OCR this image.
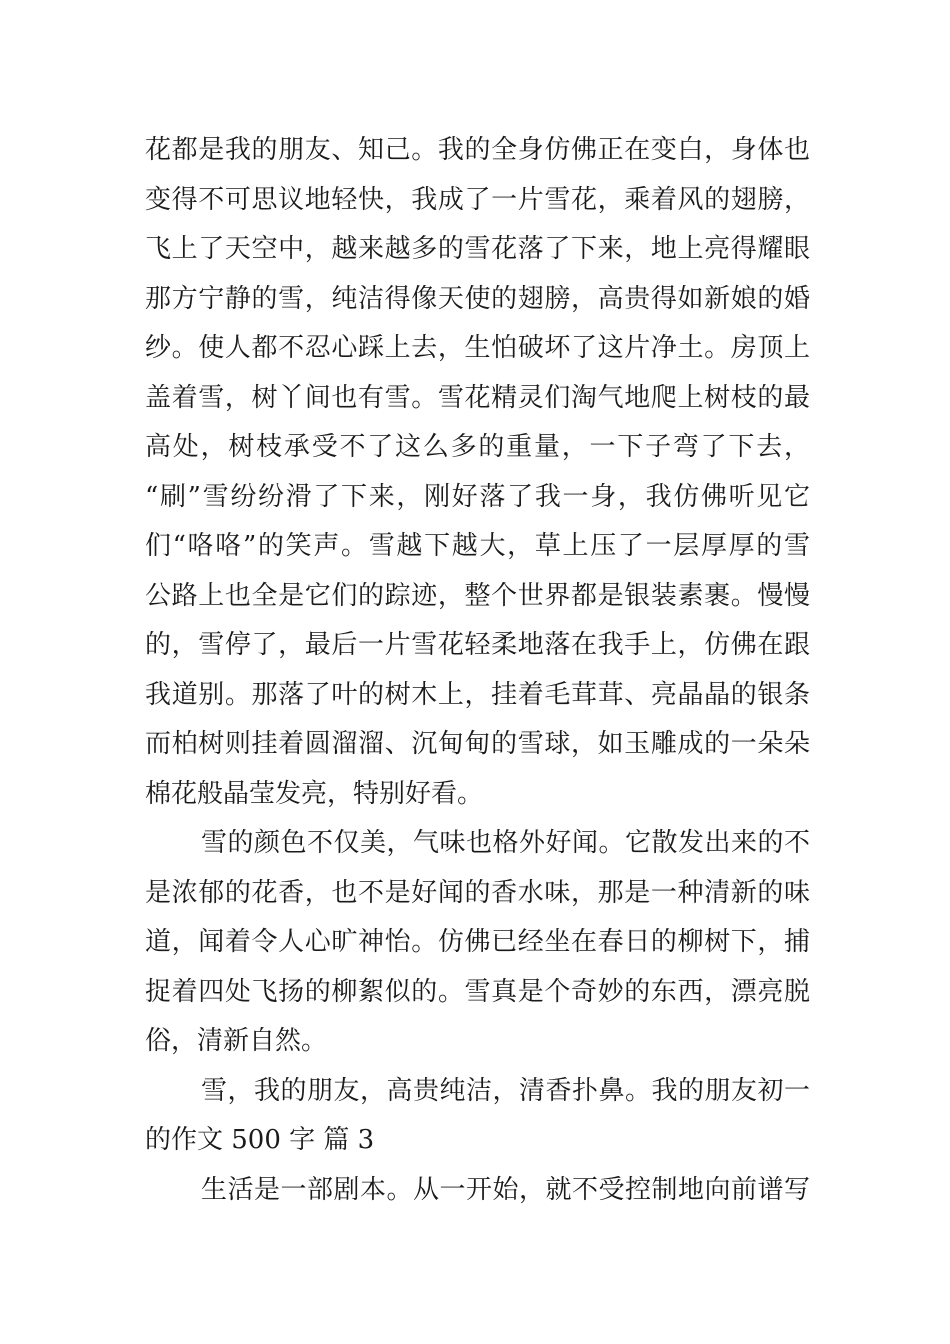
花都是我的朋友、知己。我的全身仿佛正在变白，身体也
变得不可思议地轻快，我成了一片雪花，乘着风的翅膀，
飞上了天空中，越来越多的雪花落了下来，地上亮得耀眼
那方宁静的雪，纯洁得像天使的翅膀，高贵得如新娘的婚
纱。使人都不忍心踩上去，生怕破坏了这片净土。房顶上
盖着雪，树丫间也有雪。雪花精灵们淘气地爬上树枝的最
高处，树枝承受不了这么多的重量，一下子弯了下去，
“刷”雪纷纷滑了下来，刚好落了我一身，我仿佛听见它
们“咯咯”的笑声。雪越下越大，草上压了一层厚厚的雪
公路上也全是它们的踪迹，整个世界都是银装素裹。慢慢
的，雪停了，最后一片雪花轻柔地落在我手上，仿佛在跟
我道别。那落了叶的树木上，挂着毛茸茸、亮晶晶的银条
而柏树则挂着圆溜溜、沉甸甸的雪球，如玉雕成的一朵朵
棉花般晶莹发亮，特别好看。
雪的颜色不仅美，气味也格外好闻。它散发出来的不
是浓郁的花香，也不是好闻的香水味，那是一种清新的味
道，闻着令人心旷神怡。仿佛已经坐在春日的柳树下，捕
捉着四处飞扬的柳絮似的。雪真是个奇妙的东西，漂亮脱
俗，清新自然。
雪，我的朋友，高贵纯洁，清香扑鼻。我的朋友初一
的作文 500 字 篇 3
生活是一部剧本。从一开始，就不受控制地向前谱写
